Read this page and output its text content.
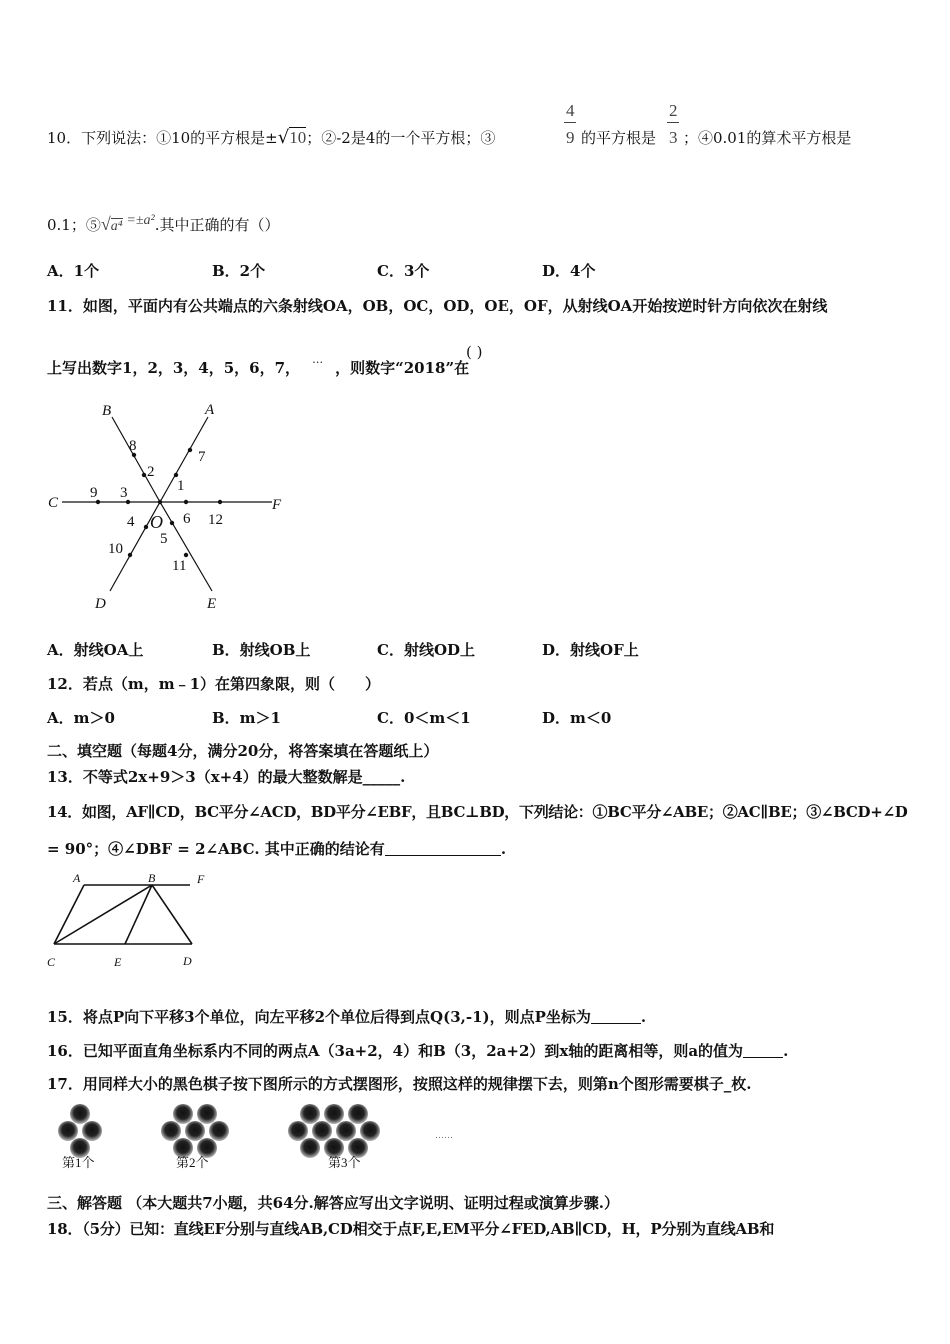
10．下列说法：①10的平方根是±√10；②-2是4的一个平方根；③
4
9 的平方根是
2
3 ；④0.01的算术平方根是
0.1；⑤√a⁴ =±a².其中正确的有（）
A．1个	B．2个	C．3个	D．4个
11．如图，平面内有公共端点的六条射线OA，OB，OC，OD，OE，OF，从射线OA开始按逆时针方向依次在射线
上写出数字1，2，3，4，5，6，7， … ，则数字“2018”在
( )
B	A
C	F
D	E
O
1
2
3
4
5
6
7
8
9
10
11
12
A．射线OA上	B．射线OB上	C．射线OD上	D．射线OF上
12．若点（m，m﹣1）在第四象限，则（　　）
A．m＞0	B．m＞1	C．0＜m＜1	D．m＜0
二、填空题（每题4分，满分20分，将答案填在答题纸上）
13．不等式2x+9＞3（x+4）的最大整数解是_____.
14．如图，AF∥CD，BC平分∠ACD，BD平分∠EBF，且BC⊥BD，下列结论：①BC平分∠ABE；②AC∥BE；③∠BCD+∠D
= 90°；④∠DBF = 2∠ABC. 其中正确的结论有	.
A	B	F
C	E	D
15．将点P向下平移3个单位，向左平移2个单位后得到点Q(3,-1)，则点P坐标为	.
16．已知平面直角坐标系内不同的两点A（3a+2，4）和B（3，2a+2）到x轴的距离相等，则a的值为	.
17．用同样大小的黑色棋子按下图所示的方式摆图形，按照这样的规律摆下去，则第n个图形需要棋子_枚.
第1个	第2个	第3个
……
三、解答题 （本大题共7小题，共64分.解答应写出文字说明、证明过程或演算步骤.）
18．（5分）已知：直线EF分别与直线AB,CD相交于点F,E,EM平分∠FED,AB∥CD，H，P分别为直线AB和
